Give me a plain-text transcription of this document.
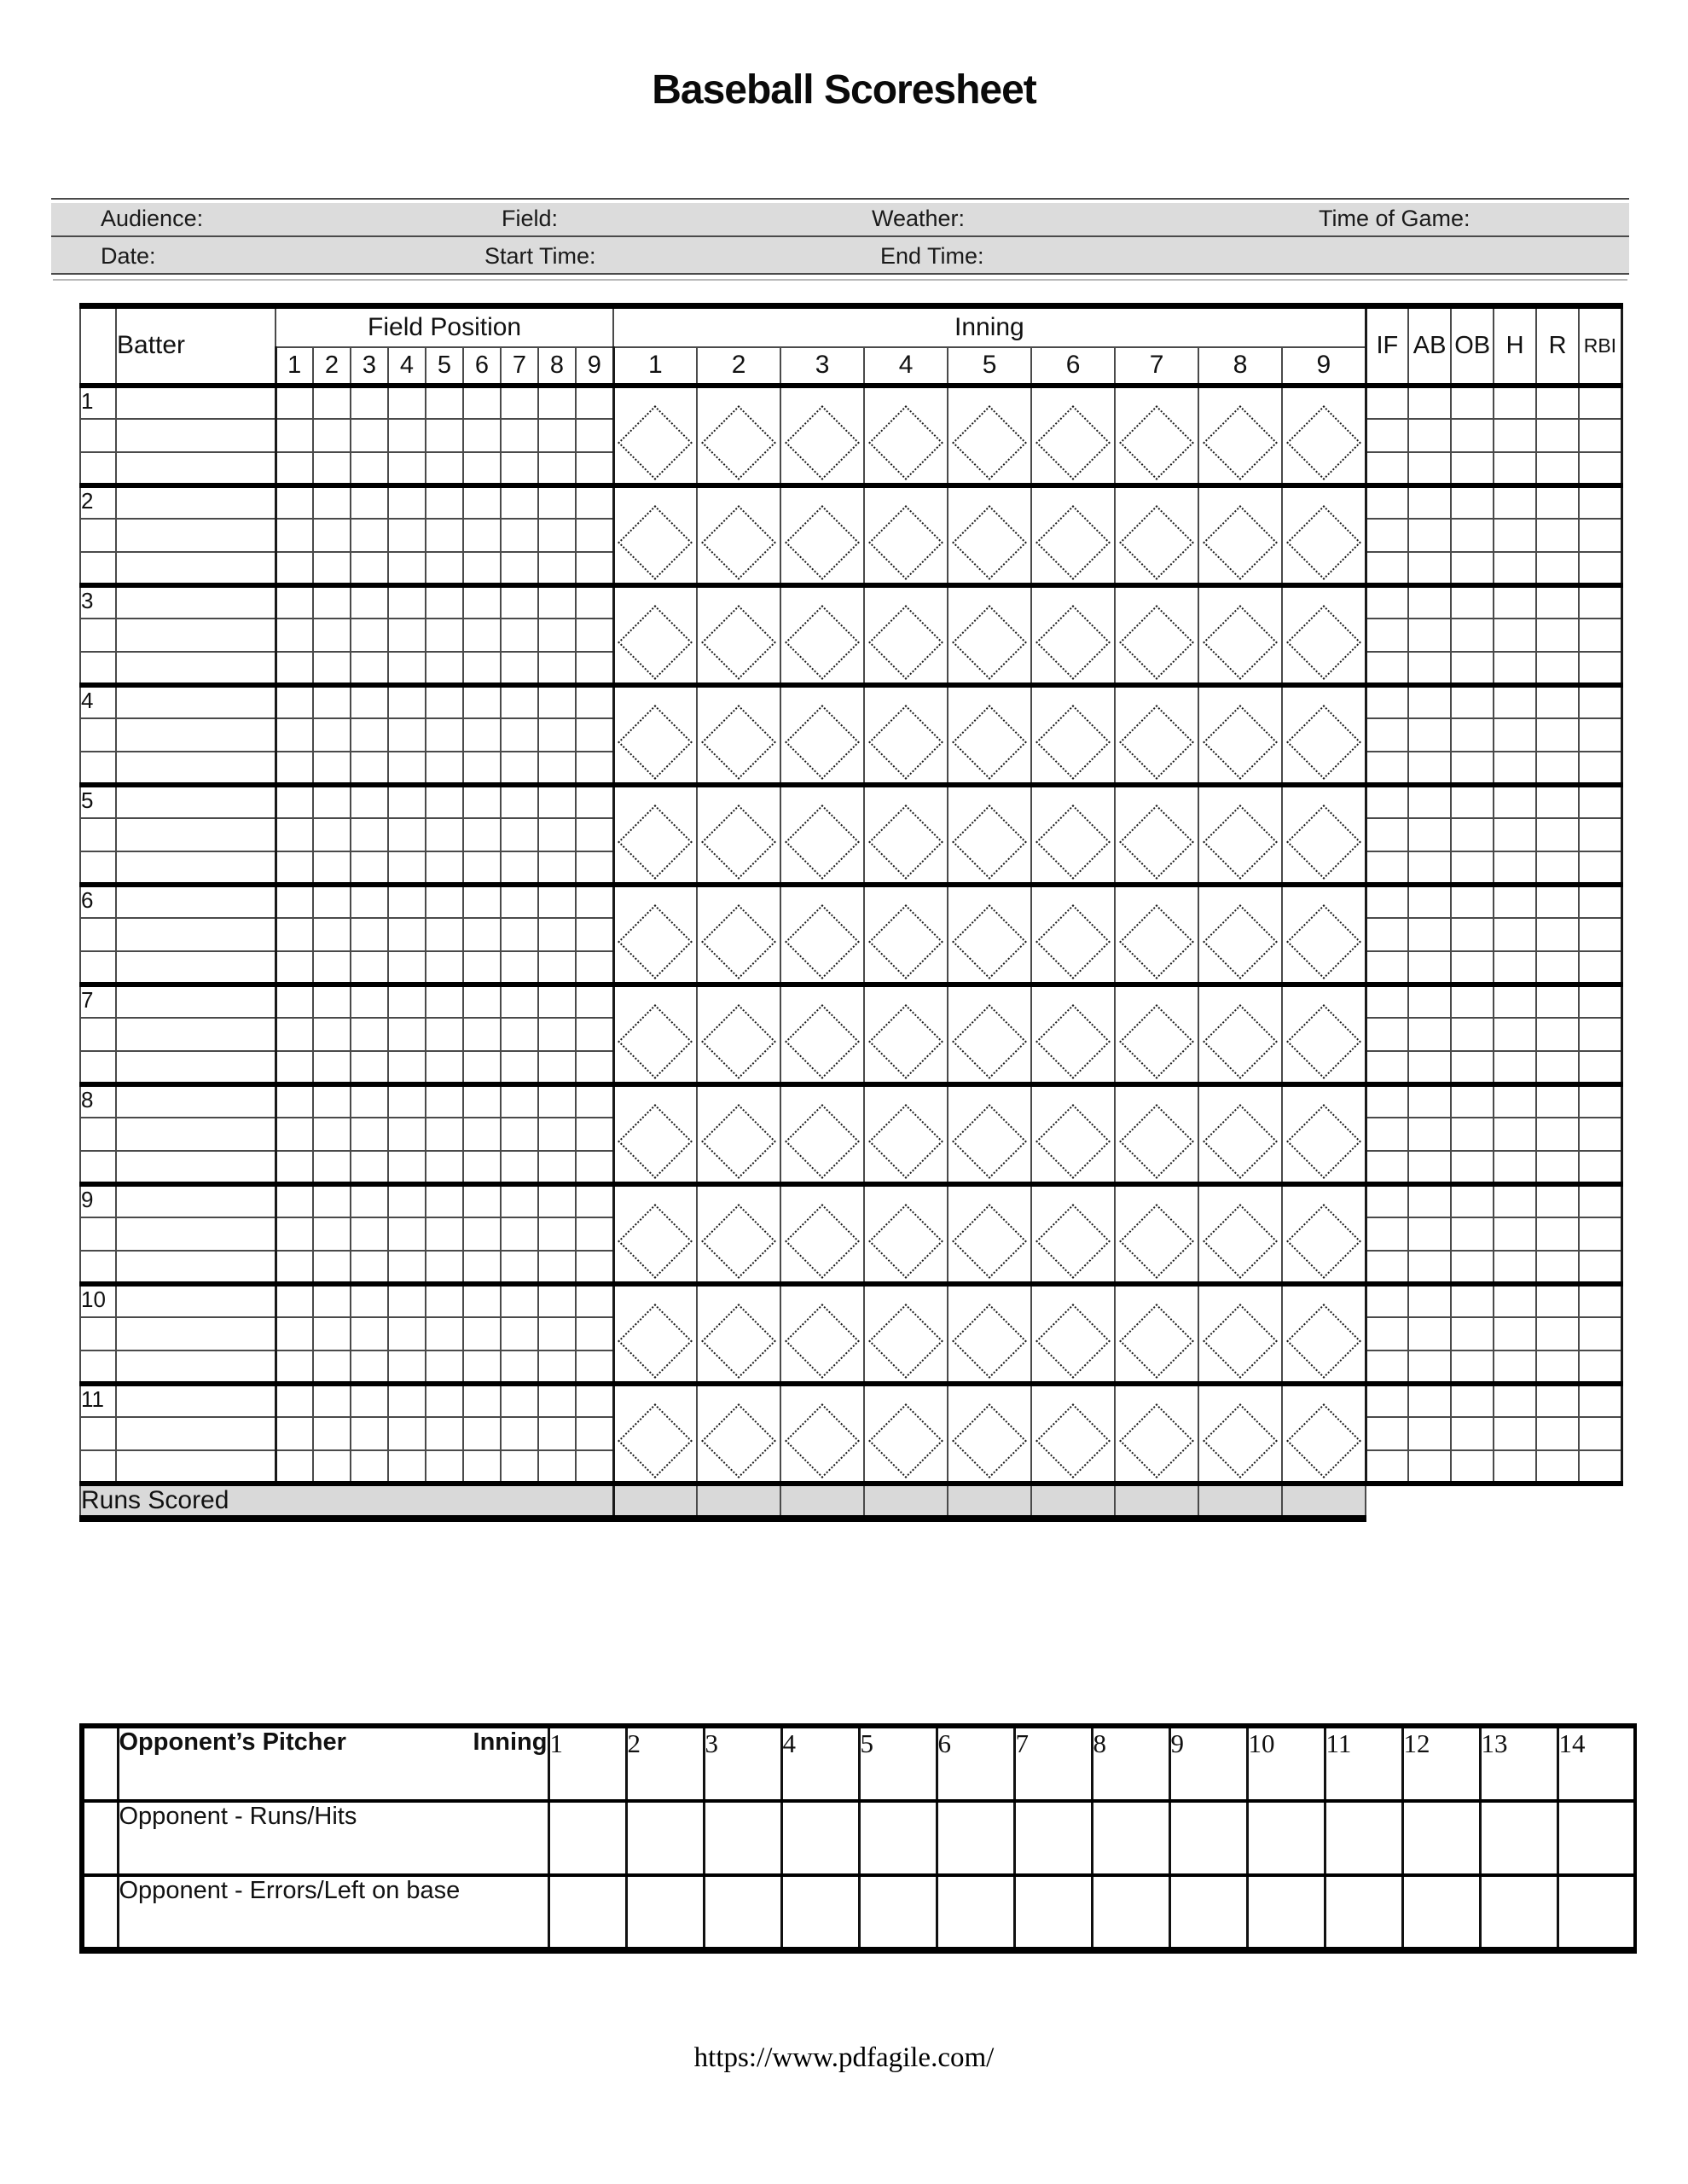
Baseball Scoresheet
Audience:	Field:	Weather:	Time of Game:
Date:	Start Time:	End Time:
	Batter	Field Position									Inning									IF	AB	OB	H	R	RBI
		1	2	3	4	5	6	7	8	9	1	2	3	4	5	6	7	8	9						
1											

2											

3											

4											

5											

6											

7											

8											

9											

10											

11											

Runs Scored																									

	Opponent’s Pitcher Inning	1	2	3	4	5	6	7	8	9	10	11	12	13	14
	Opponent - Runs/Hits														
	Opponent - Errors/Left on base														
https://www.pdfagile.com/
